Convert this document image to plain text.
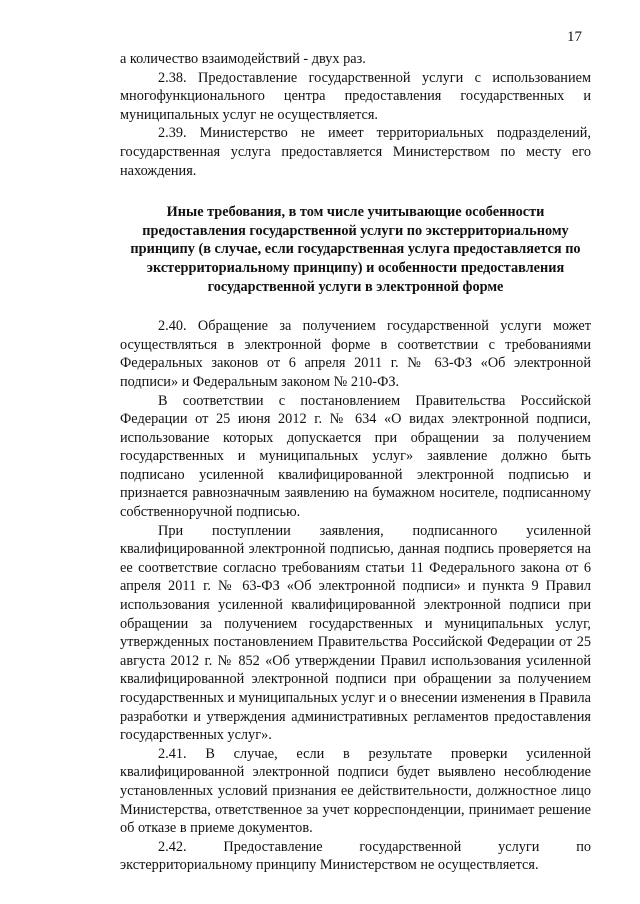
17

а количество взаимодействий - двух раз.

2.38. Предоставление государственной услуги с использованием многофункционального центра предоставления государственных и муниципальных услуг не осуществляется.

2.39. Министерство не имеет территориальных подразделений, государственная услуга предоставляется Министерством по месту его нахождения.

Иные требования, в том числе учитывающие особенности предоставления государственной услуги по экстерриториальному принципу (в случае, если государственная услуга предоставляется по экстерриториальному принципу) и особенности предоставления государственной услуги в электронной форме

2.40. Обращение за получением государственной услуги может осуществляться в электронной форме в соответствии с требованиями Федеральных законов от 6 апреля 2011 г. № 63-ФЗ «Об электронной подписи» и Федеральным законом № 210-ФЗ.

В соответствии с постановлением Правительства Российской Федерации от 25 июня 2012 г. № 634 «О видах электронной подписи, использование которых допускается при обращении за получением государственных и муниципальных услуг» заявление должно быть подписано усиленной квалифицированной электронной подписью и признается равнозначным заявлению на бумажном носителе, подписанному собственноручной подписью.

При поступлении заявления, подписанного усиленной квалифицированной электронной подписью, данная подпись проверяется на ее соответствие согласно требованиям статьи 11 Федерального закона от 6 апреля 2011 г. № 63-ФЗ «Об электронной подписи» и пункта 9 Правил использования усиленной квалифицированной электронной подписи при обращении за получением государственных и муниципальных услуг, утвержденных постановлением Правительства Российской Федерации от 25 августа 2012 г. № 852 «Об утверждении Правил использования усиленной квалифицированной электронной подписи при обращении за получением государственных и муниципальных услуг и о внесении изменения в Правила разработки и утверждения административных регламентов предоставления государственных услуг».

2.41. В случае, если в результате проверки усиленной квалифицированной электронной подписи будет выявлено несоблюдение установленных условий признания ее действительности, должностное лицо Министерства, ответственное за учет корреспонденции, принимает решение об отказе в приеме документов.

2.42. Предоставление государственной услуги по экстерриториальному принципу Министерством не осуществляется.
